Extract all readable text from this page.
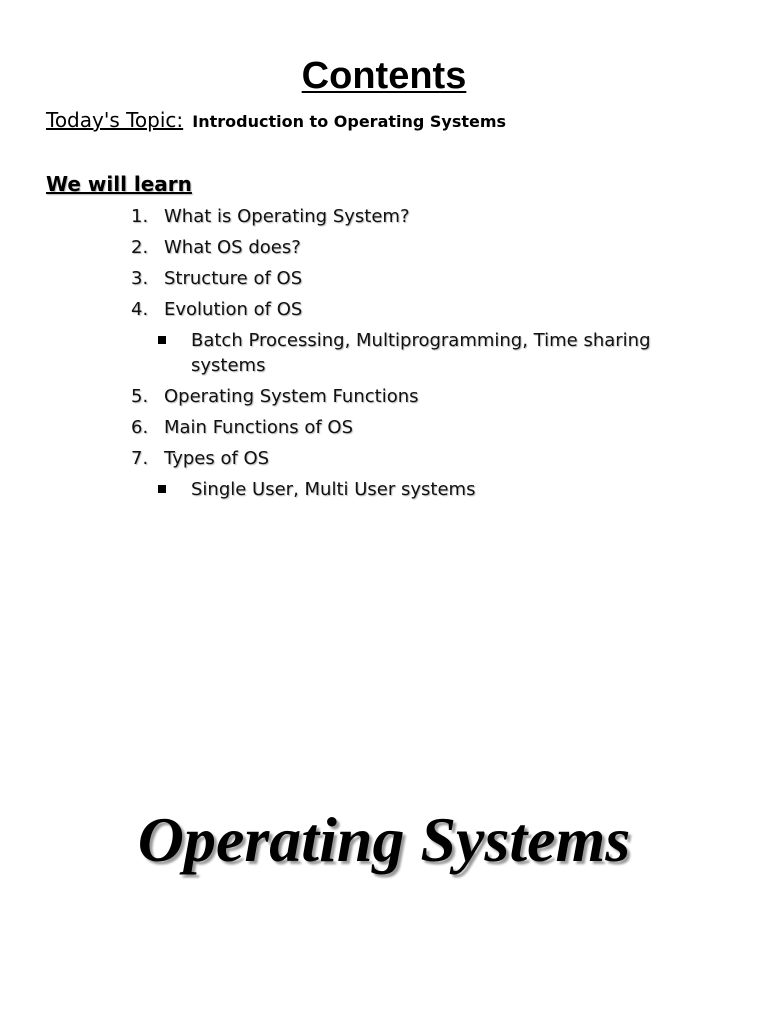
Contents
Today's Topic: Introduction to Operating Systems
We will learn
1. What is Operating System?
2. What OS does?
3. Structure of OS
4. Evolution of OS
Batch Processing, Multiprogramming, Time sharing systems
5. Operating System Functions
6. Main Functions of OS
7. Types of OS
Single User, Multi User systems
Operating Systems
